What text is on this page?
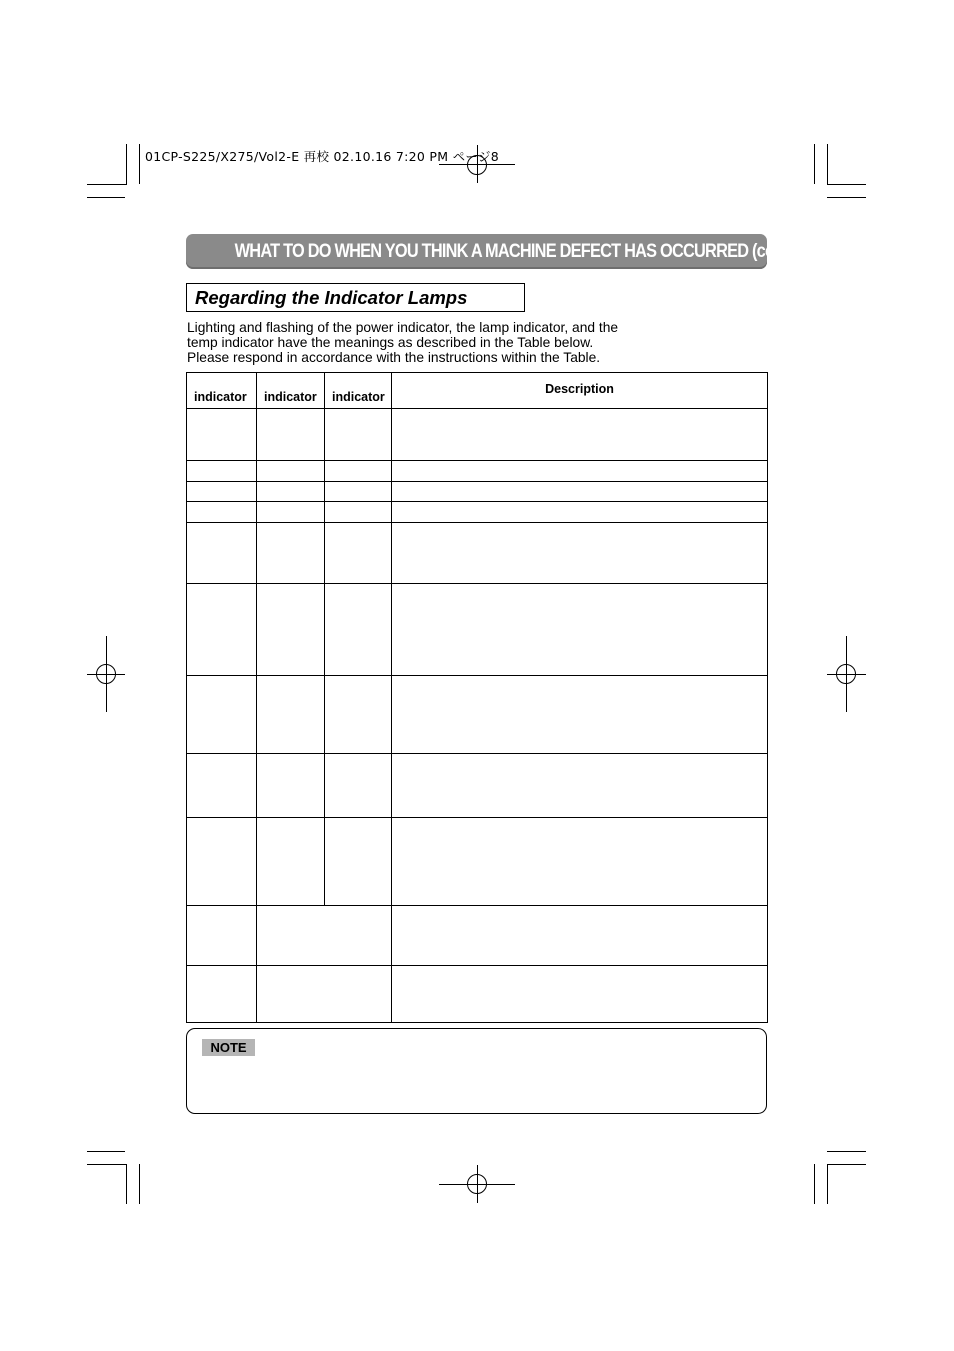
01CP-S225/X275/Vol2-E 再校 02.10.16 7:20 PM ページ8
WHAT TO DO WHEN YOU THINK A MACHINE DEFECT HAS OCCURRED (continued)
Regarding the Indicator Lamps
Lighting and flashing of the power indicator, the lamp indicator, and the
temp indicator have the meanings as described in the Table below.
Please respond in accordance with the instructions within the Table.
indicator	indicator	indicator	Description

NOTE
